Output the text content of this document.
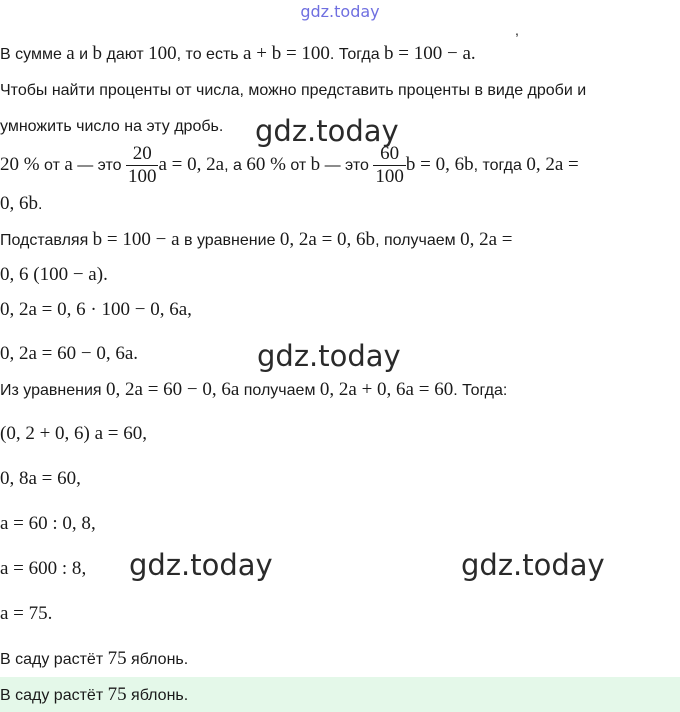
gdz.today
,
В сумме a и b дают 100, то есть a + b = 100. Тогда b = 100 − a.
Чтобы найти проценты от числа, можно представить проценты в виде дроби и
умножить число на эту дробь.
20 % от a — это $\frac{20}{100}$ a = 0, 2a, а 60 % от b — это $\frac{60}{100}$ b = 0, 6b, тогда 0, 2a =
0, 6b.
Подставляя b = 100 − a в уравнение 0, 2a = 0, 6b, получаем 0, 2a =
0, 6 (100 − a).
0, 2a = 0, 6 · 100 − 0, 6a,
0, 2a = 60 − 0, 6a.
Из уравнения 0, 2a = 60 − 0, 6a получаем 0, 2a + 0, 6a = 60. Тогда:
(0, 2 + 0, 6) a = 60,
0, 8a = 60,
a = 60 : 0, 8,
a = 600 : 8,
a = 75.
В саду растёт 75 яблонь.
В саду растёт 75 яблонь.
gdz.today
gdz.today
gdz.today	gdz.today
